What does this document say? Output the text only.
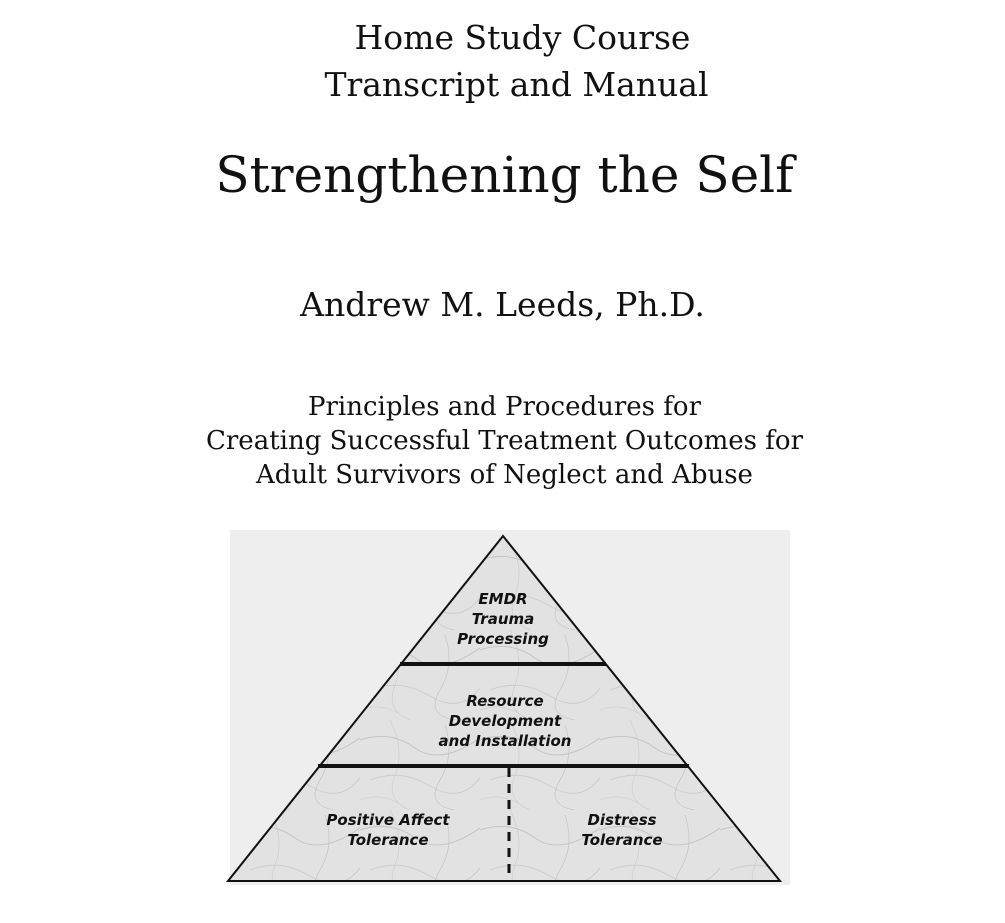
Home Study Course
Transcript and Manual
Strengthening the Self
Andrew M. Leeds, Ph.D.
Principles and Procedures for
Creating Successful Treatment Outcomes for
Adult Survivors of Neglect and Abuse
EMDR
Trauma
Processing
Resource
Development
and Installation
Positive Affect
Tolerance
Distress
Tolerance
